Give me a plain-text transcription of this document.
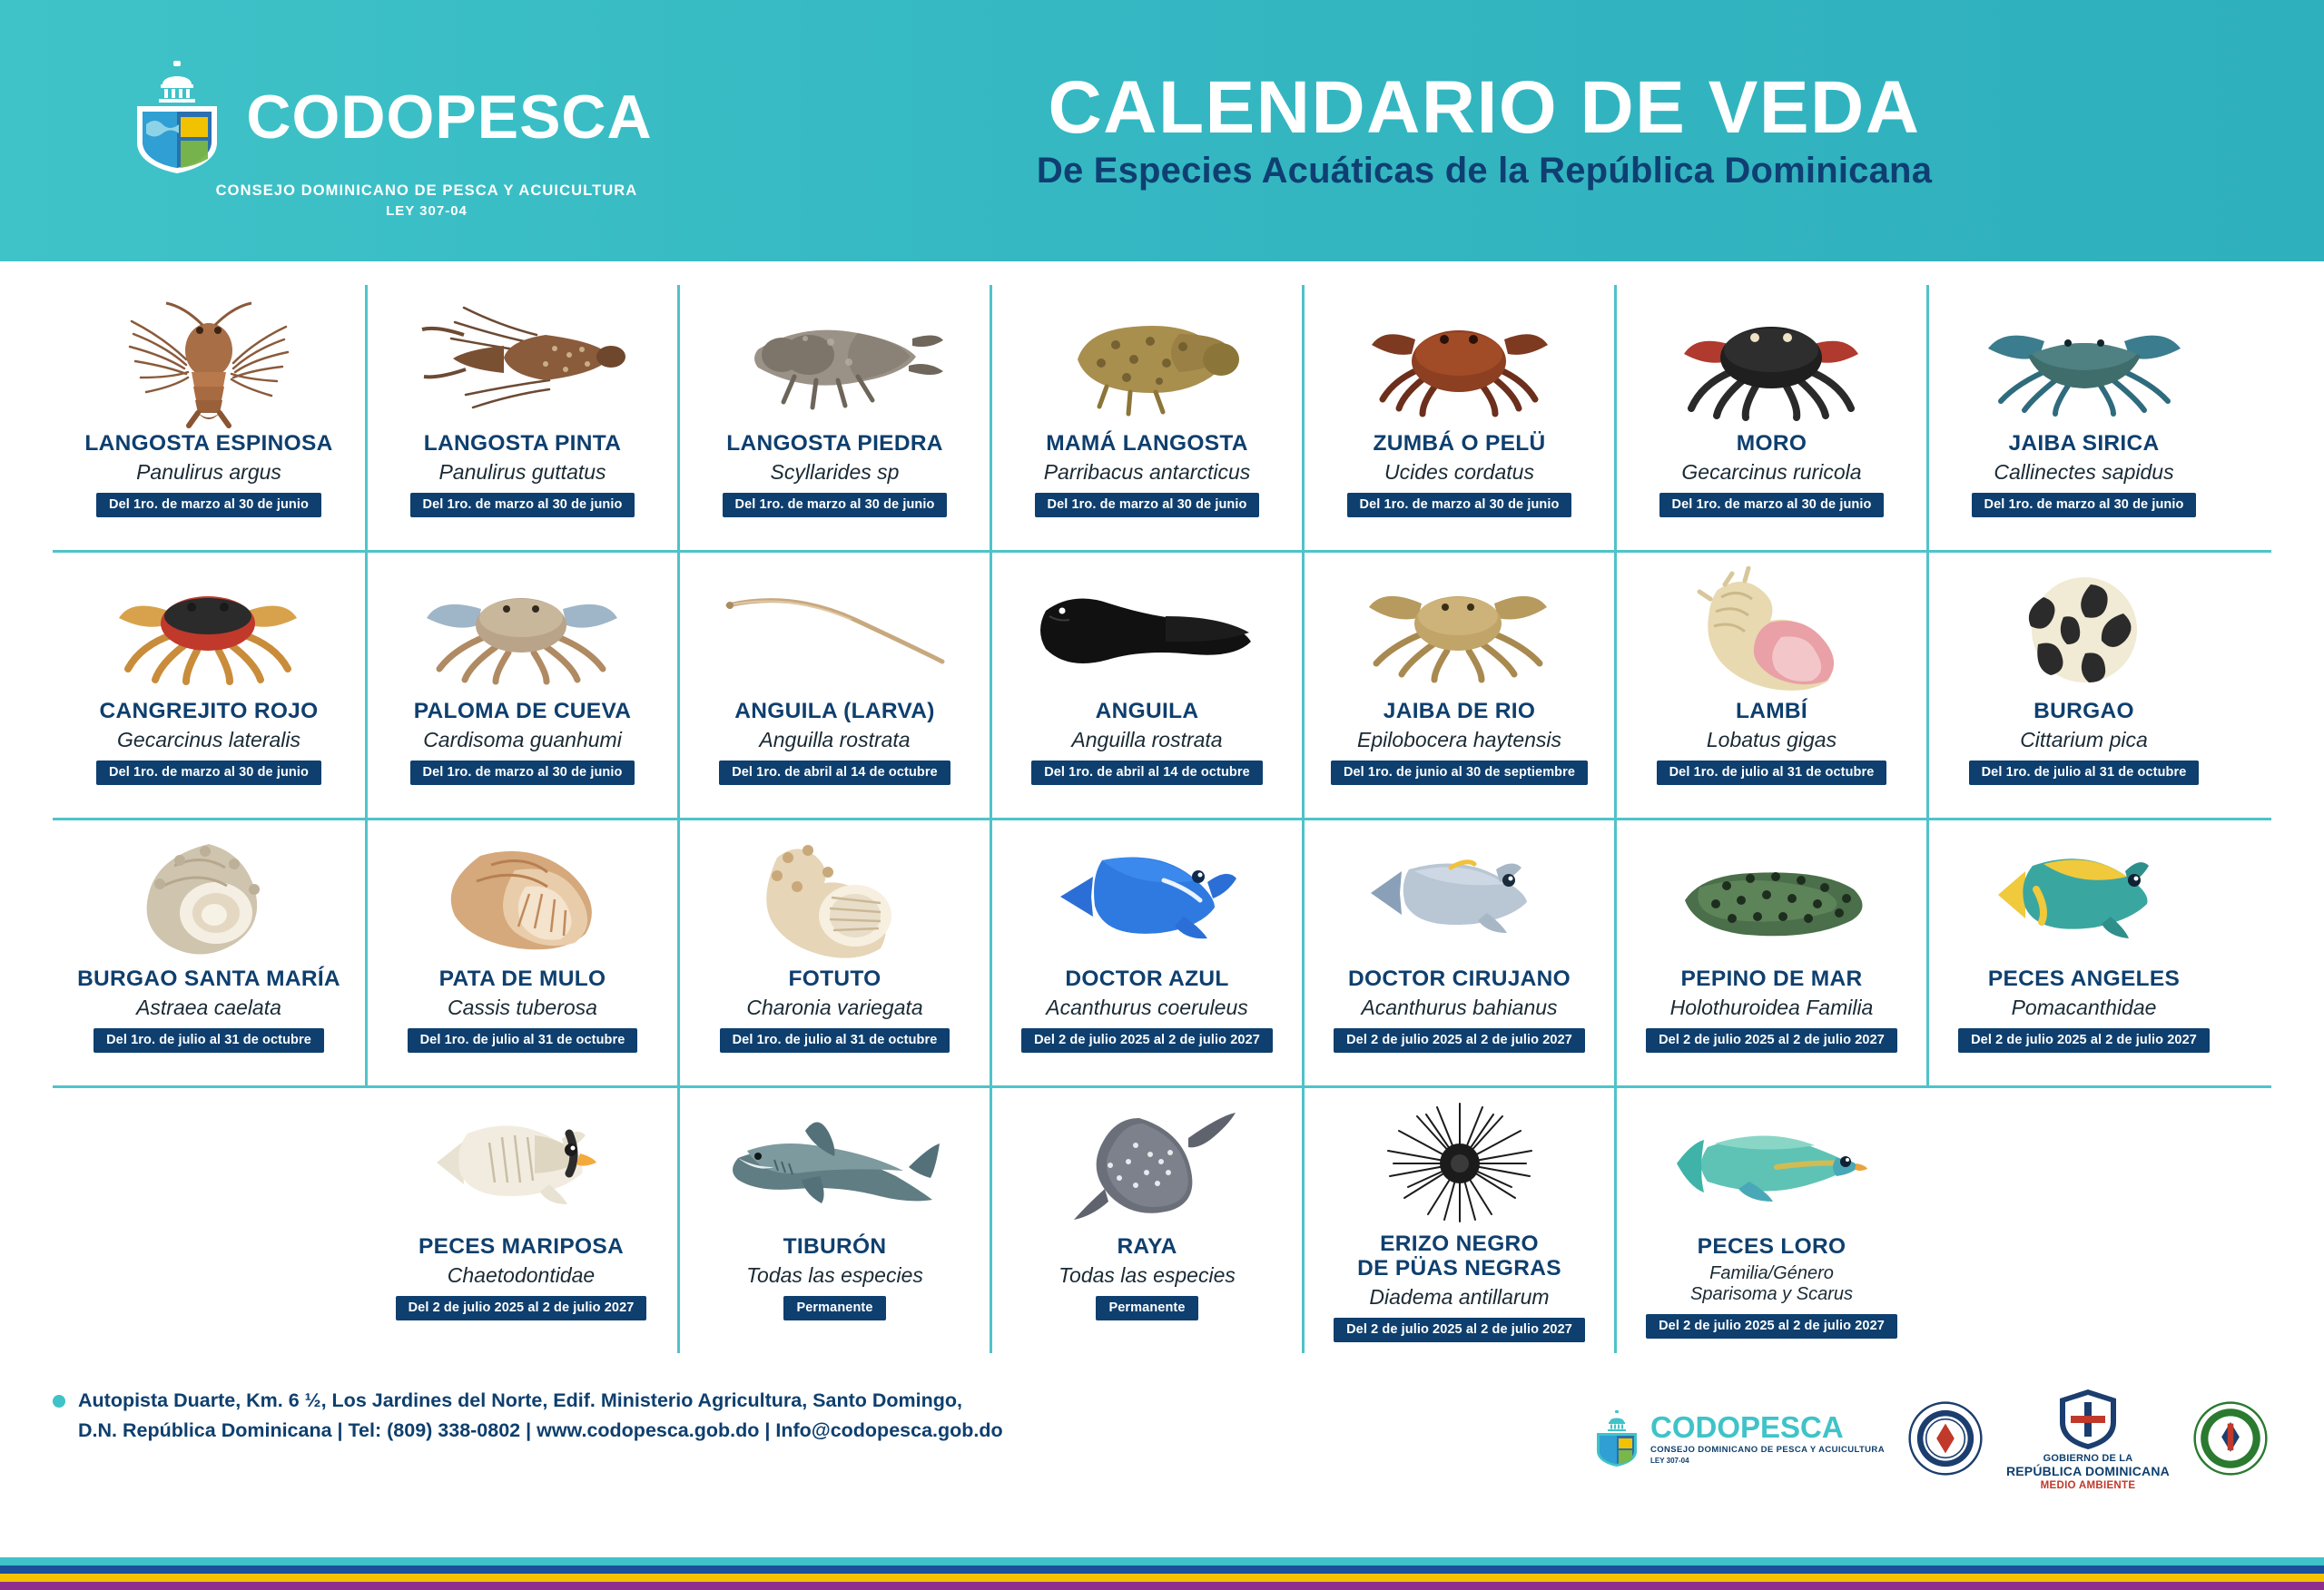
CODOPESCA
CONSEJO DOMINICANO DE PESCA Y ACUICULTURA
LEY 307-04
CALENDARIO DE VEDA
De Especies Acuáticas de la República Dominicana
LANGOSTA ESPINOSA
Panulirus argus
Del 1ro. de marzo al 30 de junio
LANGOSTA PINTA
Panulirus guttatus
Del 1ro. de marzo al 30 de junio
LANGOSTA PIEDRA
Scyllarides sp
Del 1ro. de marzo al 30 de junio
MAMÁ LANGOSTA
Parribacus antarcticus
Del 1ro. de marzo al 30 de junio
ZUMBÁ O PELÜ
Ucides cordatus
Del 1ro. de marzo al 30 de junio
MORO
Gecarcinus ruricola
Del 1ro. de marzo al 30 de junio
JAIBA SIRICA
Callinectes sapidus
Del 1ro. de marzo al 30 de junio
CANGREJITO ROJO
Gecarcinus lateralis
Del 1ro. de marzo al 30 de junio
PALOMA DE CUEVA
Cardisoma guanhumi
Del 1ro. de marzo al 30 de junio
ANGUILA (LARVA)
Anguilla rostrata
Del 1ro. de abril al 14 de octubre
ANGUILA
Anguilla rostrata
Del 1ro. de abril al 14 de octubre
JAIBA DE RIO
Epilobocera haytensis
Del 1ro. de junio al 30 de septiembre
LAMBÍ
Lobatus gigas
Del 1ro. de julio al 31 de octubre
BURGAO
Cittarium pica
Del 1ro. de julio al 31 de octubre
BURGAO SANTA MARÍA
Astraea caelata
Del 1ro. de julio al 31 de octubre
PATA DE MULO
Cassis tuberosa
Del 1ro. de julio al 31 de octubre
FOTUTO
Charonia variegata
Del 1ro. de julio al 31 de octubre
DOCTOR AZUL
Acanthurus coeruleus
Del 2 de julio 2025 al 2 de julio 2027
DOCTOR CIRUJANO
Acanthurus bahianus
Del 2 de julio 2025 al 2 de julio 2027
PEPINO DE MAR
Holothuroidea Familia
Del 2 de julio 2025 al 2 de julio 2027
PECES ANGELES
Pomacanthidae
Del 2 de julio 2025 al 2 de julio 2027
PECES MARIPOSA
Chaetodontidae
Del 2 de julio 2025 al 2 de julio 2027
TIBURÓN
Todas las especies
Permanente
RAYA
Todas las especies
Permanente
ERIZO NEGRO
DE PÜAS NEGRAS
Diadema antillarum
Del 2 de julio 2025 al 2 de julio 2027
PECES LORO
Familia/Género
Sparisoma y Scarus
Del 2 de julio 2025 al 2 de julio 2027
Autopista Duarte, Km. 6 ½, Los Jardines del Norte, Edif. Ministerio Agricultura, Santo Domingo,
D.N. República Dominicana | Tel: (809) 338-0802 | www.codopesca.gob.do | Info@codopesca.gob.do	CODOPESCA
CONSEJO DOMINICANO DE PESCA Y ACUICULTURA
LEY 307-04	GOBIERNO DE LA
REPÚBLICA DOMINICANA
MEDIO AMBIENTE
